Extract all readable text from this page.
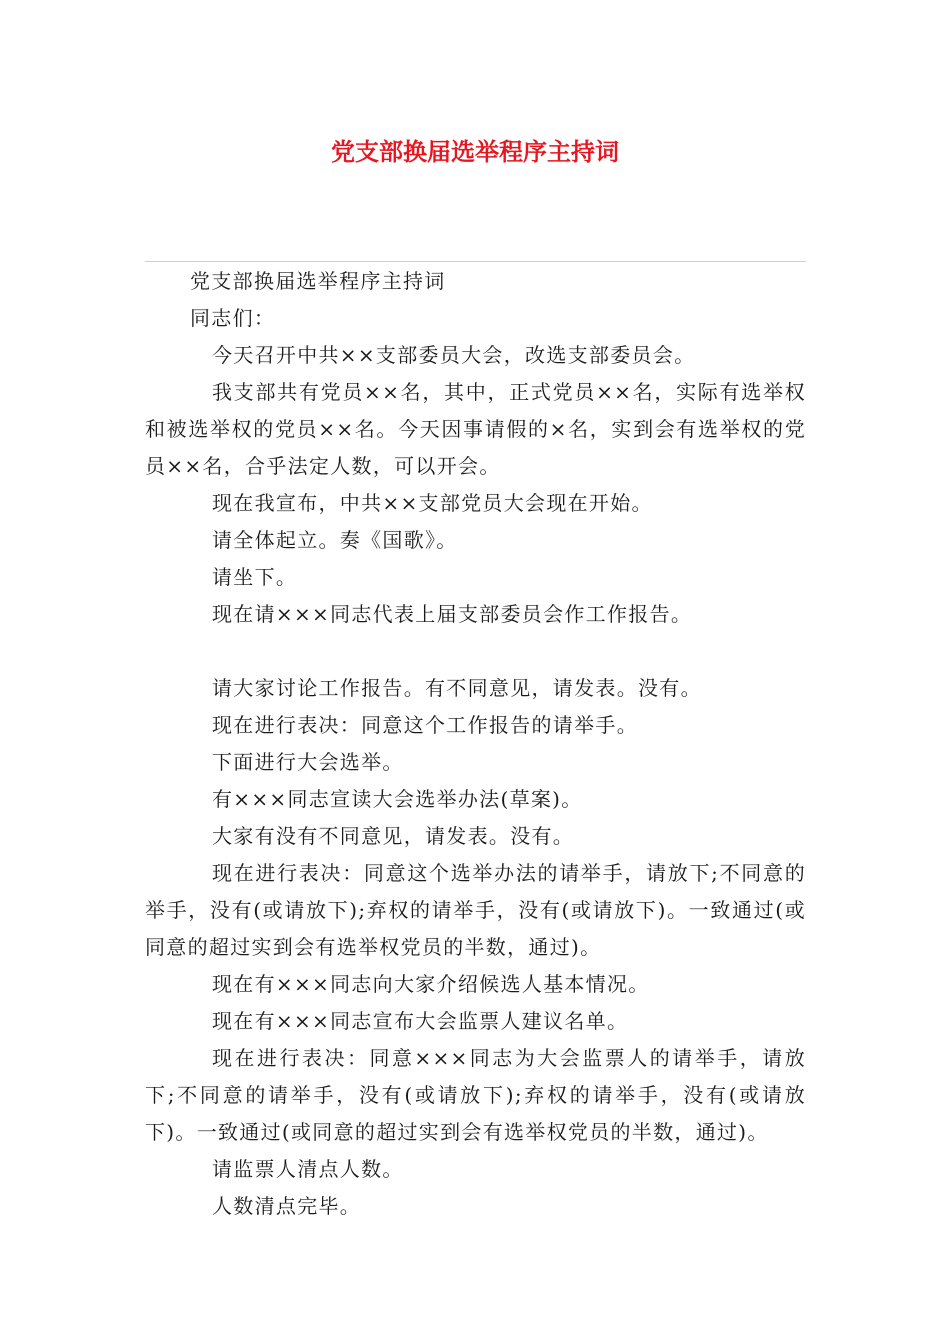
党支部换届选举程序主持词

党支部换届选举程序主持词

同志们：

今天召开中共××支部委员大会，改选支部委员会。

我支部共有党员××名，其中，正式党员××名，实际有选举权和被选举权的党员××名。今天因事请假的×名，实到会有选举权的党员××名，合乎法定人数，可以开会。

现在我宣布，中共××支部党员大会现在开始。

请全体起立。奏《国歌》。

请坐下。

现在请×××同志代表上届支部委员会作工作报告。

请大家讨论工作报告。有不同意见，请发表。没有。

现在进行表决：同意这个工作报告的请举手。

下面进行大会选举。

有×××同志宣读大会选举办法(草案)。

大家有没有不同意见，请发表。没有。

现在进行表决：同意这个选举办法的请举手，请放下;不同意的举手，没有(或请放下);弃权的请举手，没有(或请放下)。一致通过(或同意的超过实到会有选举权党员的半数，通过)。

现在有×××同志向大家介绍候选人基本情况。

现在有×××同志宣布大会监票人建议名单。

现在进行表决：同意×××同志为大会监票人的请举手，请放下;不同意的请举手，没有(或请放下);弃权的请举手，没有(或请放下)。一致通过(或同意的超过实到会有选举权党员的半数，通过)。

请监票人清点人数。

人数清点完毕。
